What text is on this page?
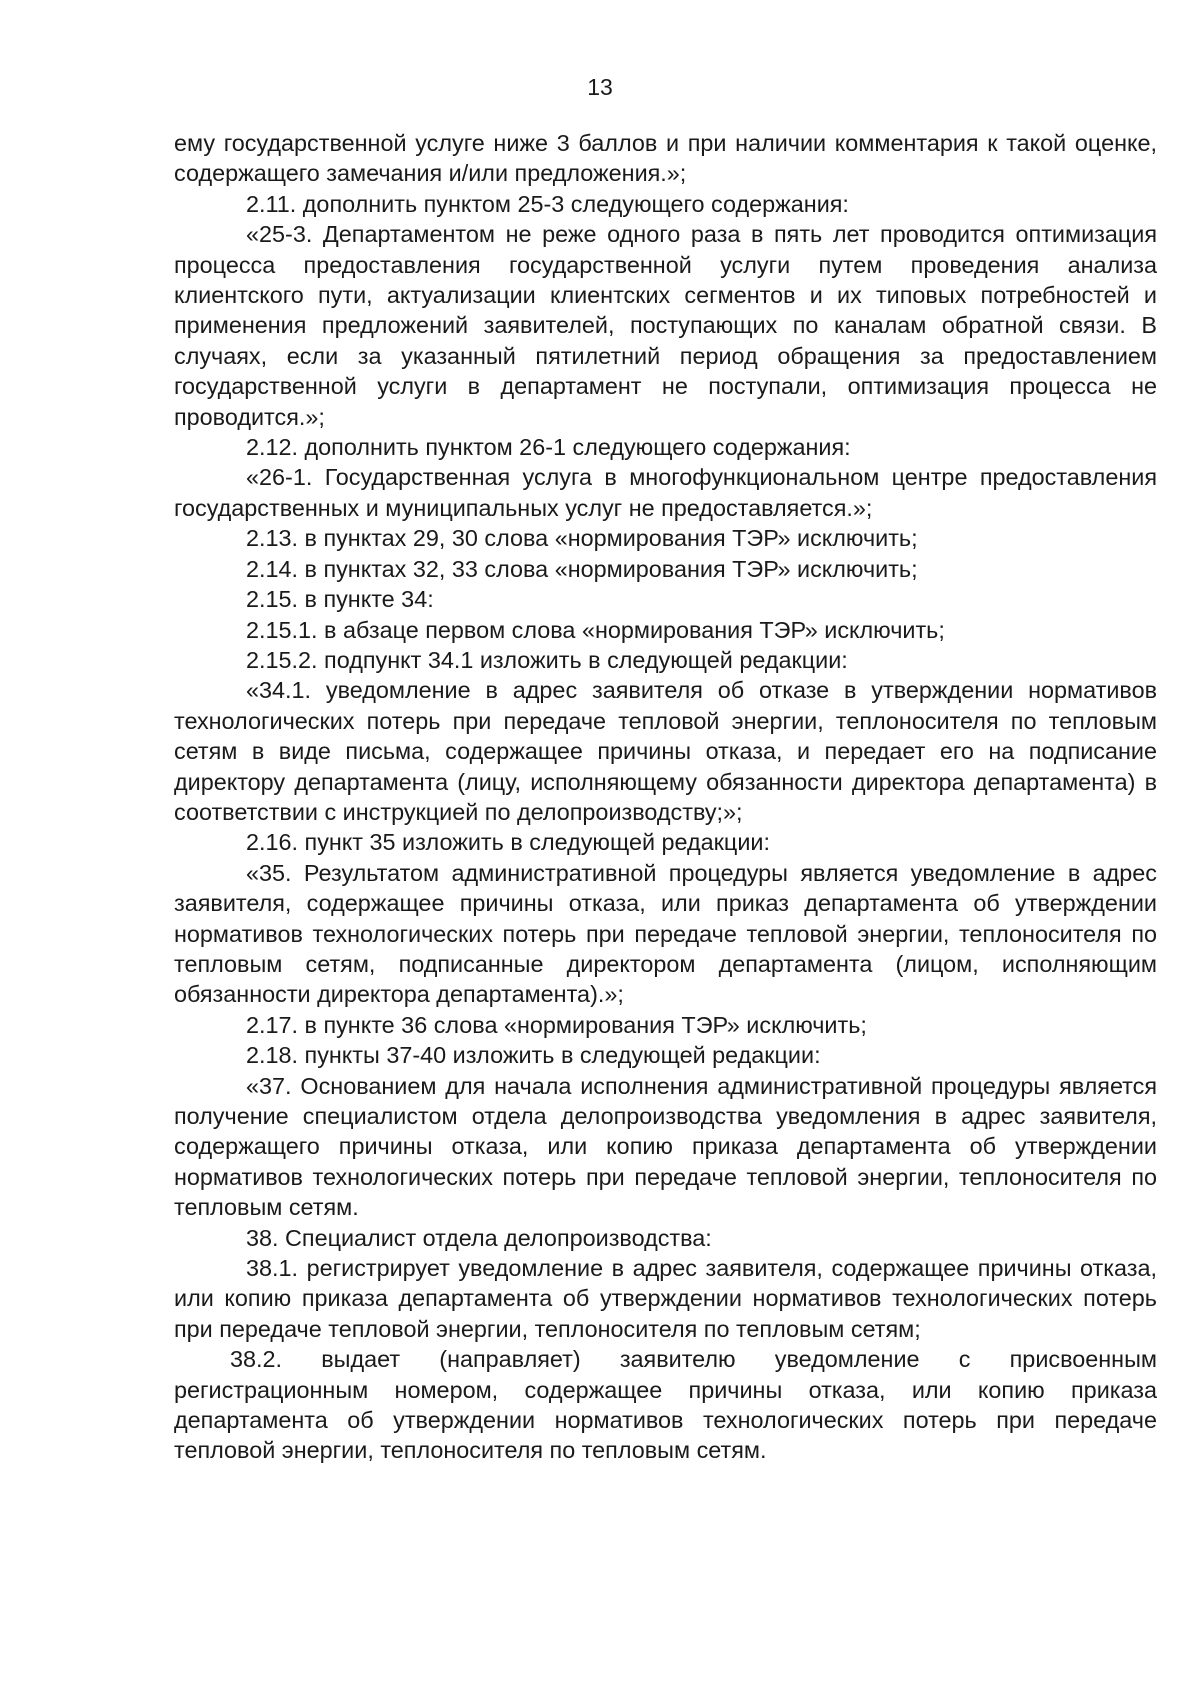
13

ему государственной услуге ниже 3 баллов и при наличии комментария к такой оценке, содержащего замечания и/или предложения.»;

2.11. дополнить пунктом 25-3 следующего содержания:

«25-3. Департаментом не реже одного раза в пять лет проводится оптимизация процесса предоставления государственной услуги путем проведения анализа клиентского пути, актуализации клиентских сегментов и их типовых потребностей и применения предложений заявителей, поступающих по каналам обратной связи. В случаях, если за указанный пятилетний период обращения за предоставлением государственной услуги в департамент не поступали, оптимизация процесса не проводится.»;

2.12. дополнить пунктом 26-1 следующего содержания:

«26-1. Государственная услуга в многофункциональном центре предоставления государственных и муниципальных услуг не предоставляется.»;

2.13. в пунктах 29, 30 слова «нормирования ТЭР» исключить;

2.14. в пунктах 32, 33 слова «нормирования ТЭР» исключить;

2.15. в пункте 34:

2.15.1. в абзаце первом слова «нормирования ТЭР» исключить;

2.15.2. подпункт 34.1 изложить в следующей редакции:

«34.1. уведомление в адрес заявителя об отказе в утверждении нормативов технологических потерь при передаче тепловой энергии, теплоносителя по тепловым сетям в виде письма, содержащее причины отказа, и передает его на подписание директору департамента (лицу, исполняющему обязанности директора департамента) в соответствии с инструкцией по делопроизводству;»;

2.16. пункт 35 изложить в следующей редакции:

«35. Результатом административной процедуры является уведомление в адрес заявителя, содержащее причины отказа, или приказ департамента об утверждении нормативов технологических потерь при передаче тепловой энергии, теплоносителя по тепловым сетям, подписанные директором департамента (лицом, исполняющим обязанности директора департамента).»;

2.17. в пункте 36 слова «нормирования ТЭР» исключить;

2.18. пункты 37-40 изложить в следующей редакции:

«37. Основанием для начала исполнения административной процедуры является получение специалистом отдела делопроизводства уведомления в адрес заявителя, содержащего причины отказа, или копию приказа департамента об утверждении нормативов технологических потерь при передаче тепловой энергии, теплоносителя по тепловым сетям.

38. Специалист отдела делопроизводства:

38.1. регистрирует уведомление в адрес заявителя, содержащее причины отказа, или копию приказа департамента об утверждении нормативов технологических потерь при передаче тепловой энергии, теплоносителя по тепловым сетям;

38.2. выдает (направляет) заявителю уведомление с присвоенным регистрационным номером, содержащее причины отказа, или копию приказа департамента об утверждении нормативов технологических потерь при передаче тепловой энергии, теплоносителя по тепловым сетям.
